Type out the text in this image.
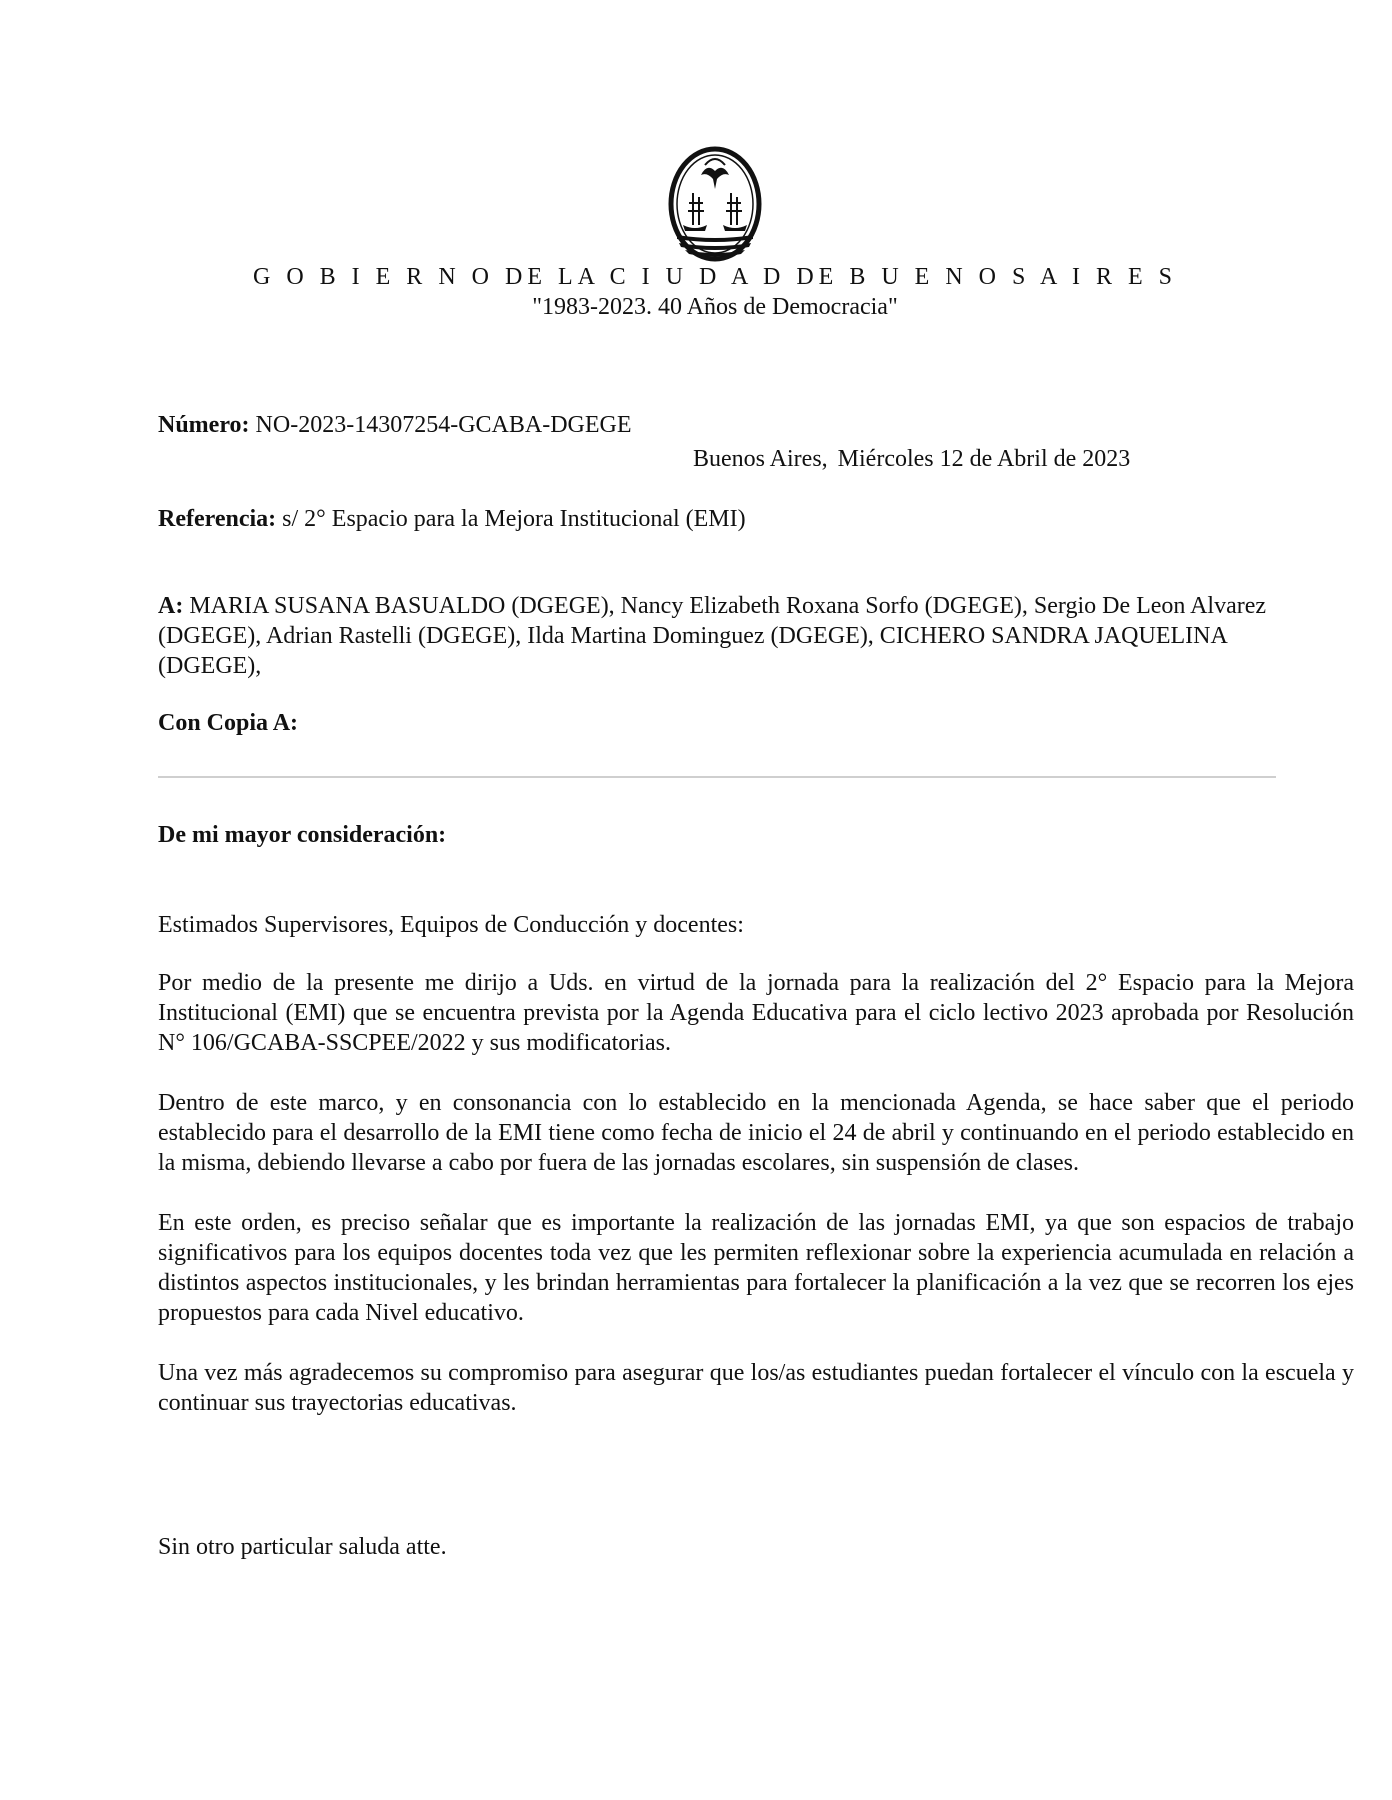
G O B I E R N O DE LA C I U D A D DE B U E N O S A I R E S
"1983-2023. 40 Años de Democracia"
Número: NO-2023-14307254-GCABA-DGEGE
Buenos Aires, Miércoles 12 de Abril de 2023
Referencia: s/ 2° Espacio para la Mejora Institucional (EMI)
A: MARIA SUSANA BASUALDO (DGEGE), Nancy Elizabeth Roxana Sorfo (DGEGE), Sergio De Leon Alvarez (DGEGE), Adrian Rastelli (DGEGE), Ilda Martina Dominguez (DGEGE), CICHERO SANDRA JAQUELINA (DGEGE),
Con Copia A:
De mi mayor consideración:

Estimados Supervisores, Equipos de Conducción y docentes:

Por medio de la presente me dirijo a Uds. en virtud de la jornada para la realización del 2° Espacio para la Mejora Institucional (EMI) que se encuentra prevista por la Agenda Educativa para el ciclo lectivo 2023 aprobada por Resolución N° 106/GCABA-SSCPEE/2022 y sus modificatorias.

Dentro de este marco, y en consonancia con lo establecido en la mencionada Agenda, se hace saber que el periodo establecido para el desarrollo de la EMI tiene como fecha de inicio el 24 de abril y continuando en el periodo establecido en la misma, debiendo llevarse a cabo por fuera de las jornadas escolares, sin suspensión de clases.

En este orden, es preciso señalar que es importante la realización de las jornadas EMI, ya que son espacios de trabajo significativos para los equipos docentes toda vez que les permiten reflexionar sobre la experiencia acumulada en relación a distintos aspectos institucionales, y les brindan herramientas para fortalecer la planificación a la vez que se recorren los ejes propuestos para cada Nivel educativo.

Una vez más agradecemos su compromiso para asegurar que los/as estudiantes puedan fortalecer el vínculo con la escuela y continuar sus trayectorias educativas.

Sin otro particular saluda atte.
